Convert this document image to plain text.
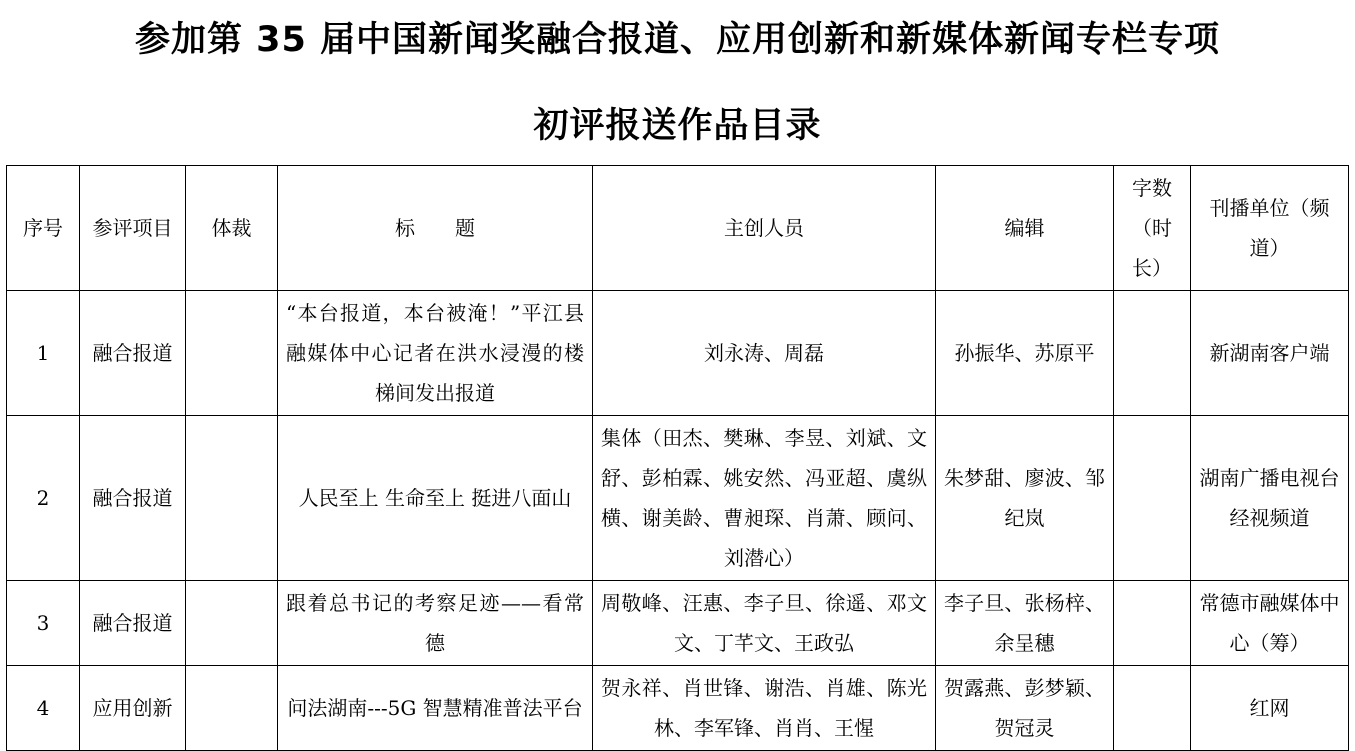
参加第 35 届中国新闻奖融合报道、应用创新和新媒体新闻专栏专项
初评报送作品目录
序号	参评项目	体裁	标　　题	主创人员	编辑	字数（时长）	刊播单位（频道）
1	融合报道		“本台报道，本台被淹！”平江县融媒体中心记者在洪水浸漫的楼梯间发出报道	刘永涛、周磊	孙振华、苏原平		新湖南客户端
2	融合报道		人民至上 生命至上 挺进八面山	集体（田杰、樊琳、李昱、刘斌、文舒、彭柏霖、姚安然、冯亚超、虞纵横、谢美龄、曹昶琛、肖萧、顾问、刘潜心）	朱梦甜、廖波、邹纪岚		湖南广播电视台经视频道
3	融合报道		跟着总书记的考察足迹——看常德	周敬峰、汪惠、李子旦、徐遥、邓文文、丁芊文、王政弘	李子旦、张杨梓、余呈穗		常德市融媒体中心（筹）
4	应用创新		问法湖南---5G 智慧精准普法平台	贺永祥、肖世锋、谢浩、肖雄、陈光林、李军锋、肖肖、王惺	贺露燕、彭梦颖、贺冠灵		红网
